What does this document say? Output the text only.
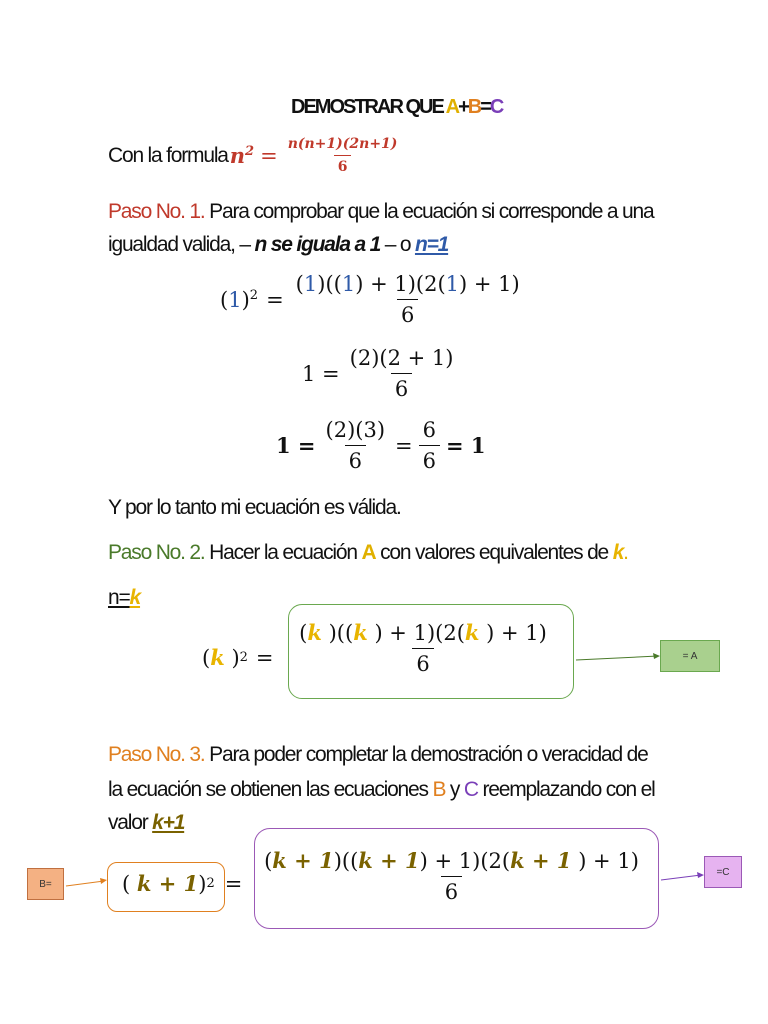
DEMOSTRAR QUE A+B=C
Con la formula $n^2 = \frac{n(n+1)(2n+1)}{6}$
Paso No. 1. Para comprobar que la ecuación si corresponde a una
igualdad valida, – n se iguala a 1 – o n=1
$(1)^2 = \frac{(1)((1) + 1)(2(1) + 1)}{6}$
$1 = \frac{(2)(2 + 1)}{6}$
$1 = \frac{(2)(3)}{6} = \frac{6}{6} = 1$
Y por lo tanto mi ecuación es válida.
Paso No. 2. Hacer la ecuación A con valores equivalentes de k.
n=k
( k ) $2 = \frac{(k )((k ) + 1)(2(k ) + 1)}{6}$	= A
Paso No. 3. Para poder completar la demostración o veracidad de
la ecuación se obtienen las ecuaciones B y C reemplazando con el
valor k+1
B=	( k + 1 ) $2 = \frac{(k + 1)((k + 1) + 1)(2(k + 1 ) + 1)}{6}$	=C
